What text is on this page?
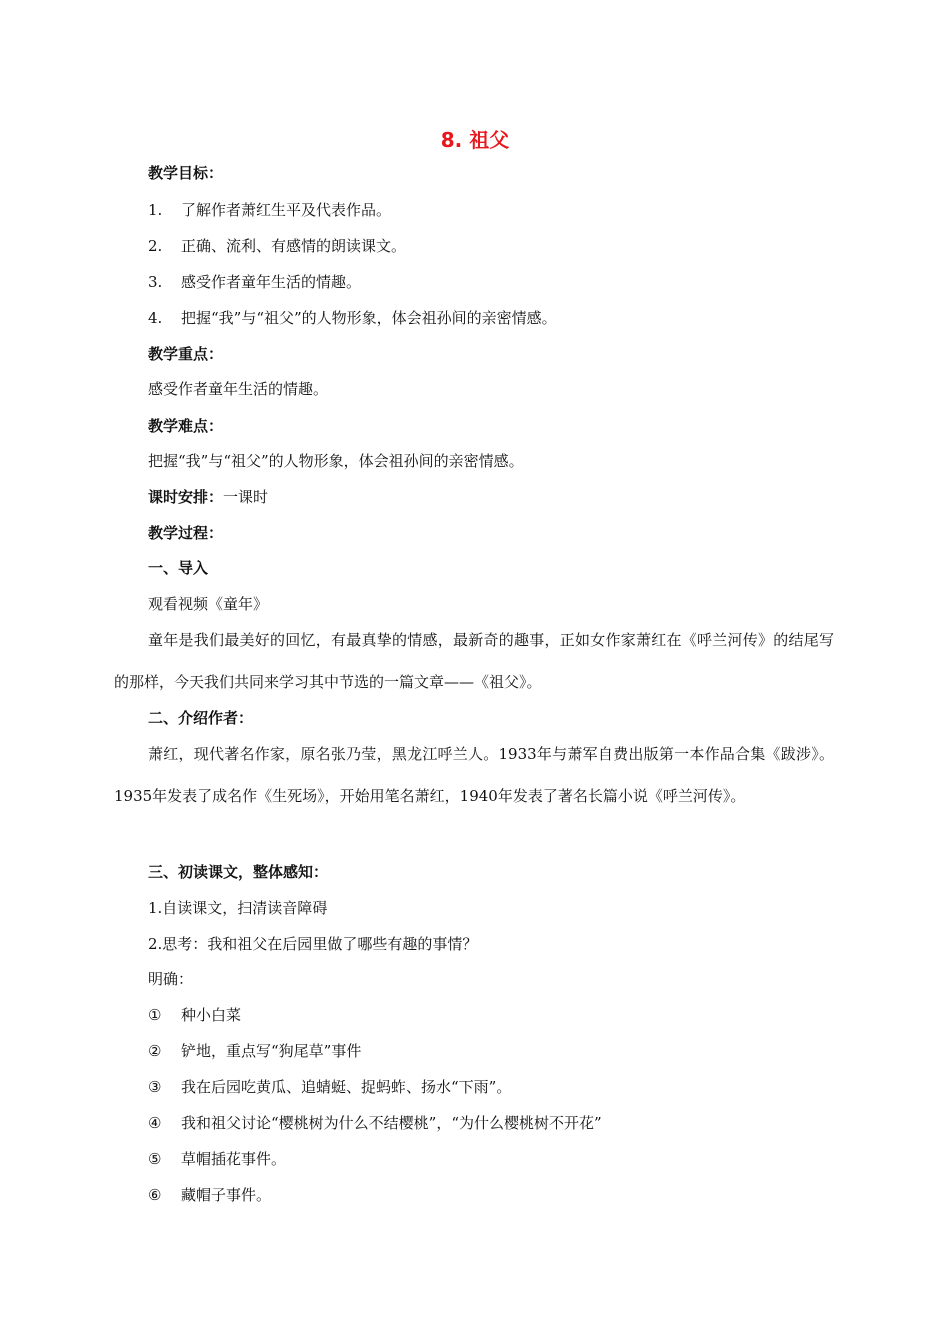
8. 祖父
教学目标：
1. 了解作者萧红生平及代表作品。
2. 正确、流利、有感情的朗读课文。
3. 感受作者童年生活的情趣。
4. 把握“我”与“祖父”的人物形象，体会祖孙间的亲密情感。
教学重点：
感受作者童年生活的情趣。
教学难点：
把握“我”与“祖父”的人物形象，体会祖孙间的亲密情感。
课时安排：一课时
教学过程：
一、导入
观看视频《童年》
童年是我们最美好的回忆，有最真挚的情感，最新奇的趣事，正如女作家萧红在《呼兰河传》的结尾写的那样，今天我们共同来学习其中节选的一篇文章——《祖父》。
二、介绍作者：
萧红，现代著名作家，原名张乃莹，黑龙江呼兰人。1933年与萧军自费出版第一本作品合集《跋涉》。1935年发表了成名作《生死场》，开始用笔名萧红，1940年发表了著名长篇小说《呼兰河传》。
三、初读课文，整体感知：
1.自读课文，扫清读音障碍
2.思考：我和祖父在后园里做了哪些有趣的事情？
明确：
① 种小白菜
② 铲地，重点写“狗尾草”事件
③ 我在后园吃黄瓜、追蜻蜓、捉蚂蚱、扬水“下雨”。
④ 我和祖父讨论“樱桃树为什么不结樱桃”，“为什么樱桃树不开花”
⑤ 草帽插花事件。
⑥ 藏帽子事件。
